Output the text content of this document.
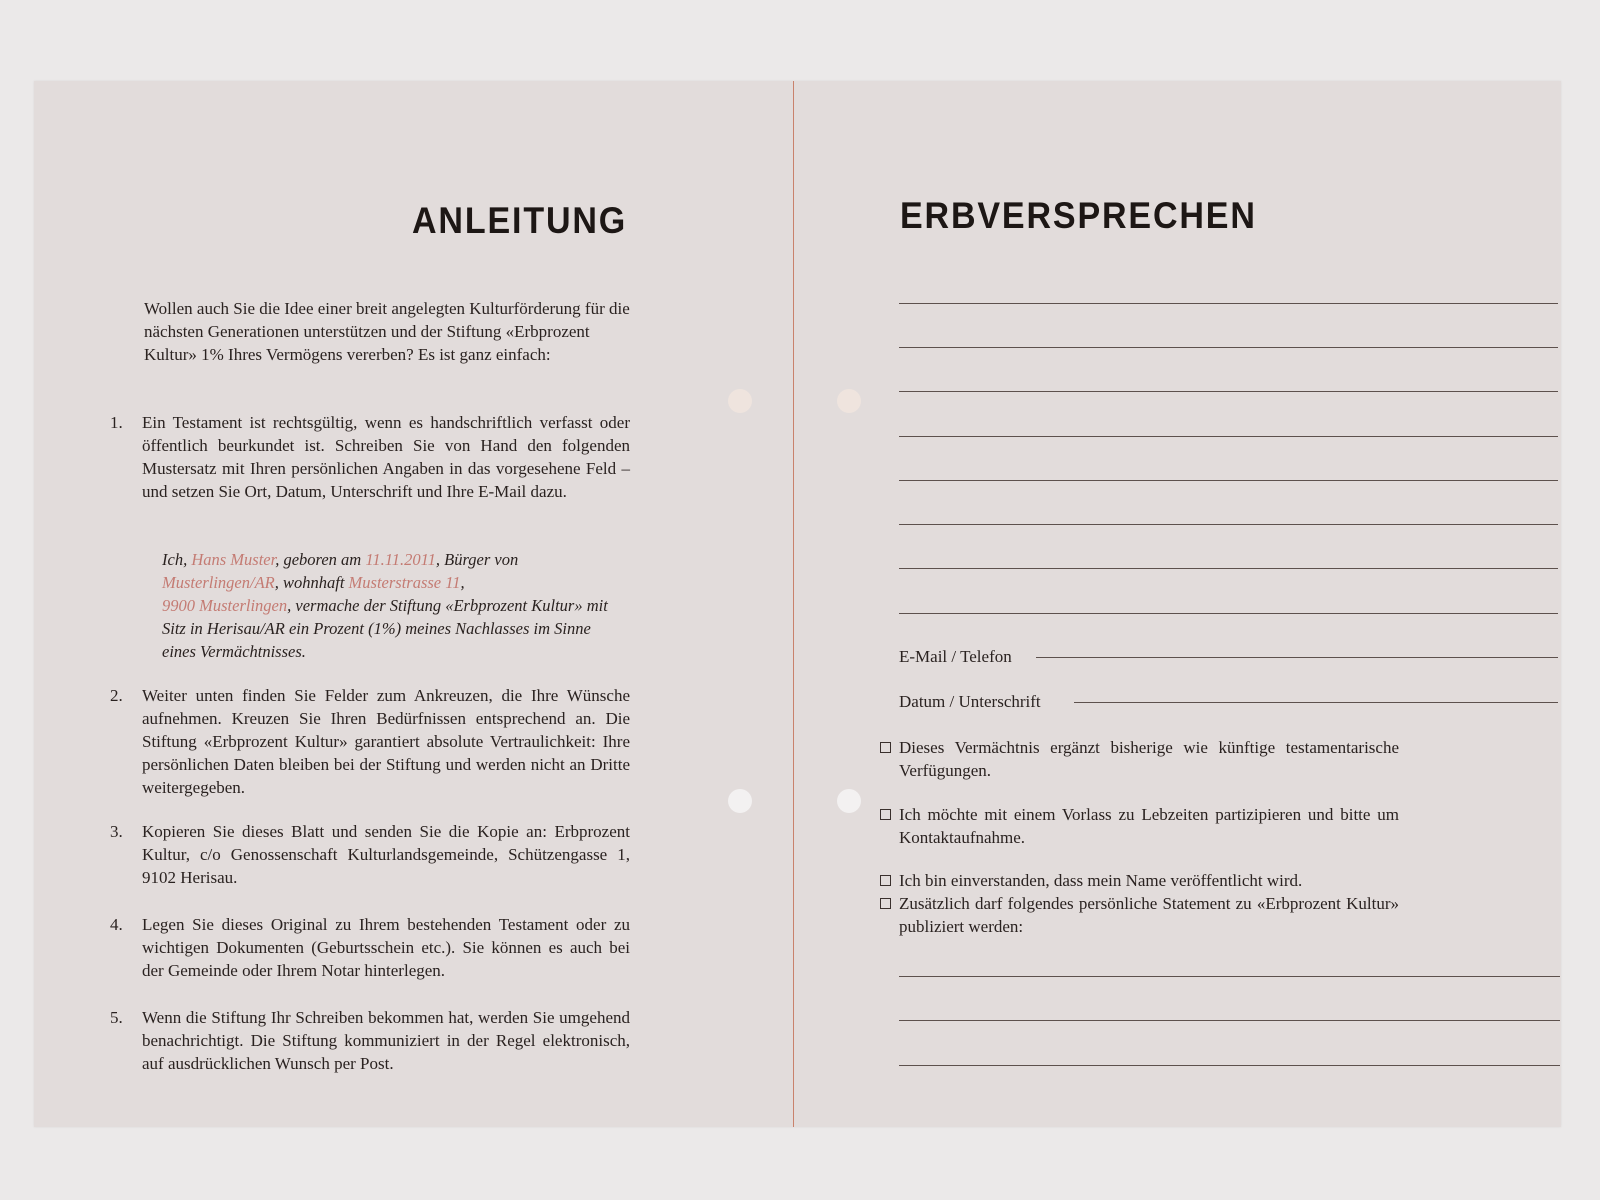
ANLEITUNG

Wollen auch Sie die Idee einer breit angelegten Kulturförderung für die nächsten Generationen unterstützen und der Stiftung «Erbprozent Kultur» 1% Ihres Vermögens vererben? Es ist ganz einfach:

1. Ein Testament ist rechtsgültig, wenn es handschriftlich verfasst oder öffentlich beurkundet ist. Schreiben Sie von Hand den folgenden Mustersatz mit Ihren persönlichen Angaben in das vorgesehene Feld – und setzen Sie Ort, Datum, Unterschrift und Ihre E-Mail dazu.
Ich, Hans Muster, geboren am 11.11.2011, Bürger von Musterlingen/AR, wohnhaft Musterstrasse 11,
9900 Musterlingen, vermache der Stiftung «Erbprozent Kultur» mit Sitz in Herisau/AR ein Prozent (1%) meines Nachlasses im Sinne eines Vermächtnisses.
2. Weiter unten finden Sie Felder zum Ankreuzen, die Ihre Wünsche aufnehmen. Kreuzen Sie Ihren Bedürfnissen entsprechend an. Die Stiftung «Erbprozent Kultur» garantiert absolute Vertraulichkeit: Ihre persönlichen Daten bleiben bei der Stiftung und werden nicht an Dritte weitergegeben.
3. Kopieren Sie dieses Blatt und senden Sie die Kopie an: Erbprozent Kultur, c/o Genossenschaft Kulturlandsgemeinde, Schützengasse 1, 9102 Herisau.
4. Legen Sie dieses Original zu Ihrem bestehenden Testament oder zu wichtigen Dokumenten (Geburtsschein etc.). Sie können es auch bei der Gemeinde oder Ihrem Notar hinterlegen.
5. Wenn die Stiftung Ihr Schreiben bekommen hat, werden Sie umgehend benachrichtigt. Die Stiftung kommuniziert in der Regel elektronisch, auf ausdrücklichen Wunsch per Post.
ERBVERSPRECHEN
E-Mail / Telefon
Datum / Unterschrift
Dieses Vermächtnis ergänzt bisherige wie künftige testamentarische Verfügungen.
Ich möchte mit einem Vorlass zu Lebzeiten partizipieren und bitte um Kontaktaufnahme.
Ich bin einverstanden, dass mein Name veröffentlicht wird.
Zusätzlich darf folgendes persönliche Statement zu «Erbprozent Kultur» publiziert werden:
